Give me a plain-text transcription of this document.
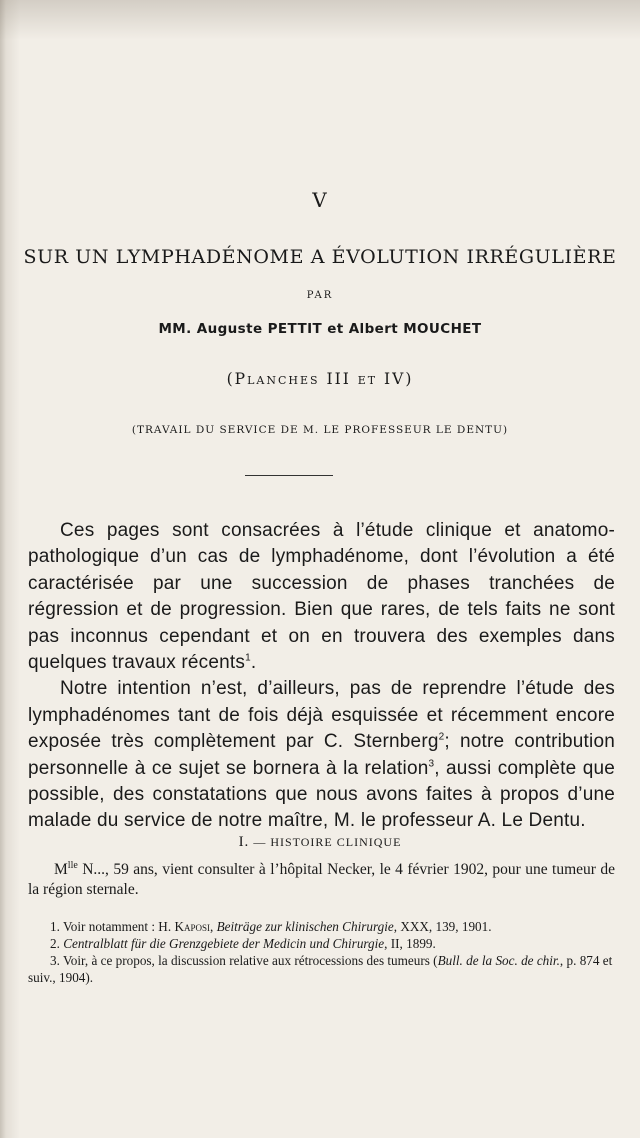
V
SUR UN LYMPHADÉNOME A ÉVOLUTION IRRÉGULIÈRE
PAR
MM. Auguste PETTIT et Albert MOUCHET
(Planches III et IV)
(TRAVAIL DU SERVICE DE M. LE PROFESSEUR LE DENTU)

Ces pages sont consacrées à l’étude clinique et anatomo-pathologique d’un cas de lymphadénome, dont l’évolution a été caractérisée par une succession de phases tranchées de régression et de progression. Bien que rares, de tels faits ne sont pas inconnus cependant et on en trouvera des exemples dans quelques travaux récents$^1$.

Notre intention n’est, d’ailleurs, pas de reprendre l’étude des lymphadénomes tant de fois déjà esquissée et récemment encore exposée très complètement par C. Sternberg$^2$; notre contribution personnelle à ce sujet se bornera à la relation$^3$, aussi complète que possible, des constatations que nous avons faites à propos d’une malade du service de notre maître, M. le professeur A. Le Dentu.

I. — HISTOIRE CLINIQUE

$M^{lle}$ N..., 59 ans, vient consulter à l’hôpital Necker, le 4 février 1902, pour une tumeur de la région sternale.

1. Voir notamment : H. Kaposi, Beiträge zur klinischen Chirurgie, XXX, 139, 1901.

2. Centralblatt für die Grenzgebiete der Medicin und Chirurgie, II, 1899.

3. Voir, à ce propos, la discussion relative aux rétrocessions des tumeurs (Bull. de la Soc. de chir., p. 874 et suiv., 1904).
